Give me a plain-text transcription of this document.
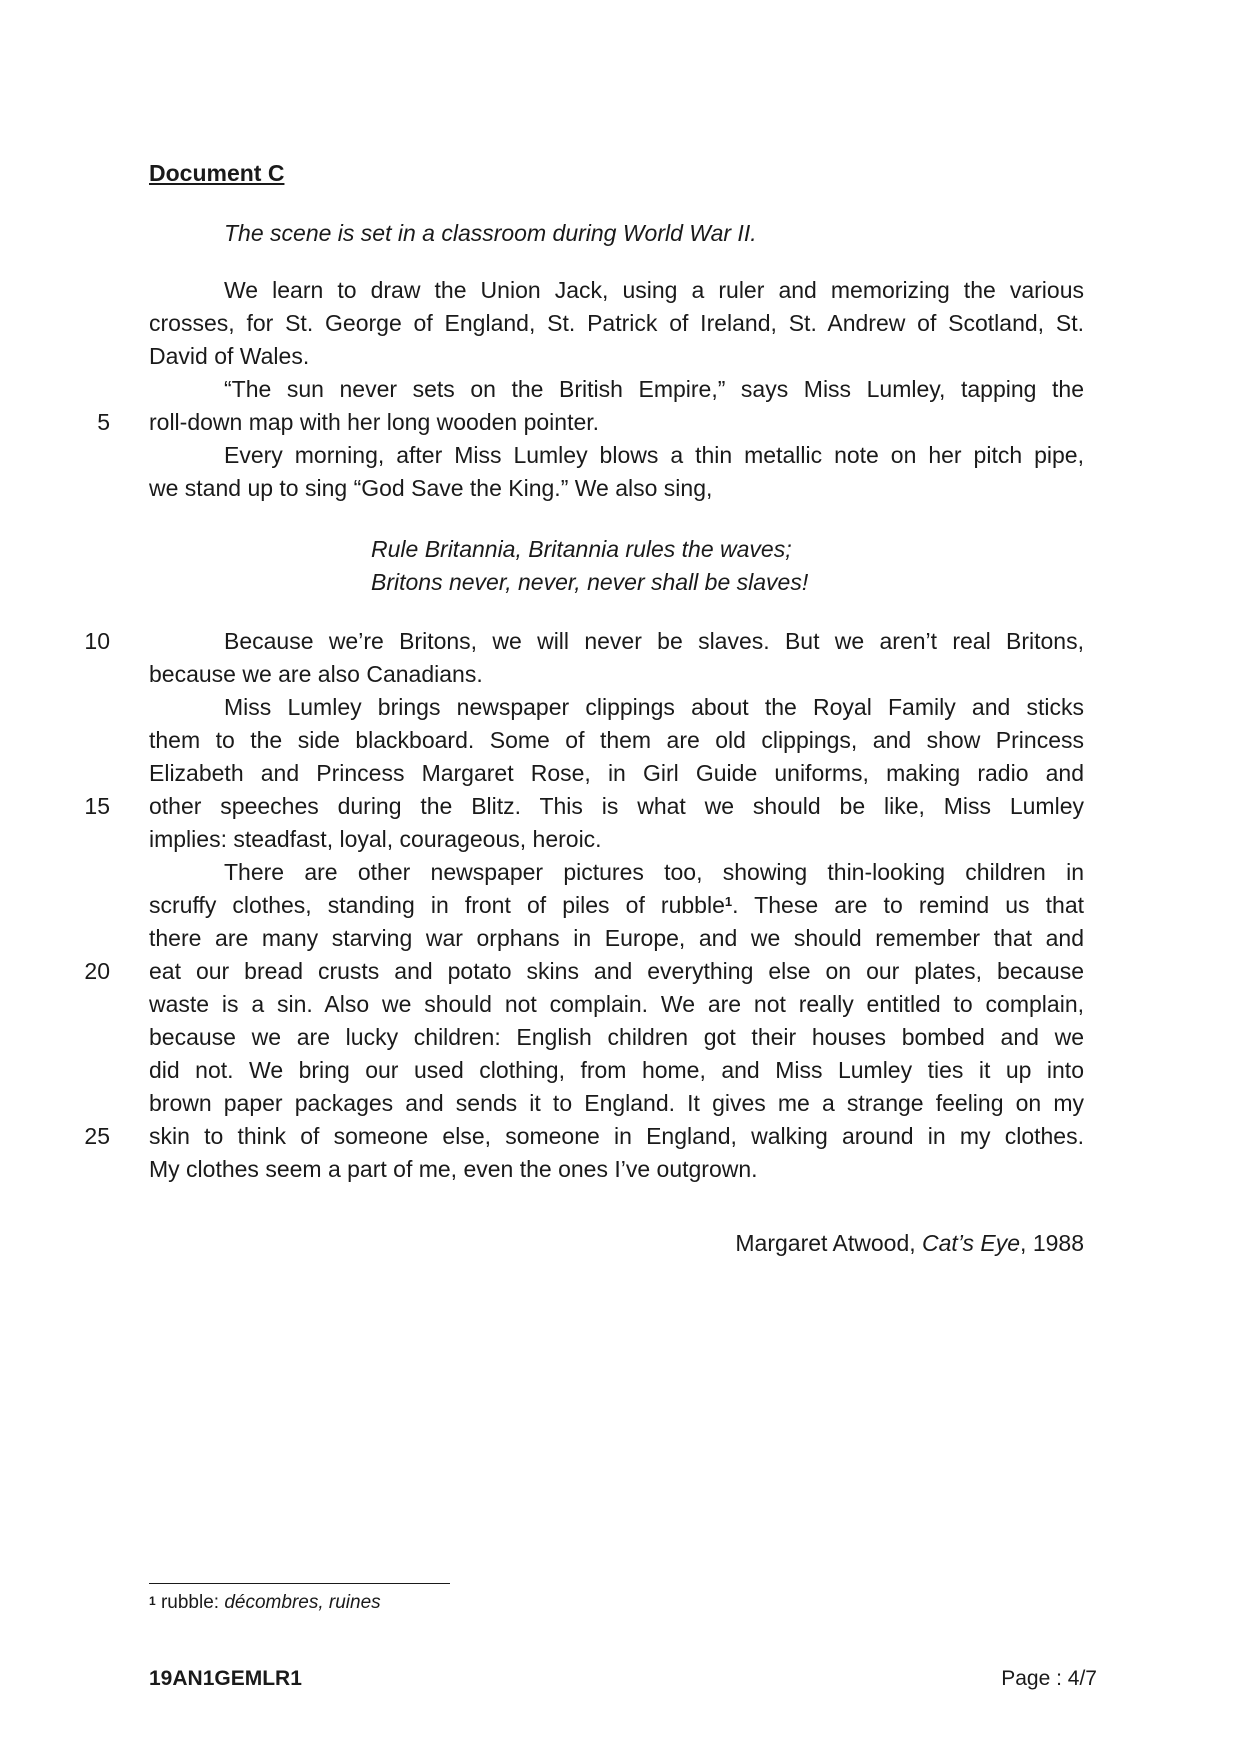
Document C
The scene is set in a classroom during World War II.
We learn to draw the Union Jack, using a ruler and memorizing the various
crosses, for St. George of England, St. Patrick of Ireland, St. Andrew of Scotland, St.
David of Wales.
“The sun never sets on the British Empire,” says Miss Lumley, tapping the
roll-down map with her long wooden pointer.
Every morning, after Miss Lumley blows a thin metallic note on her pitch pipe,
we stand up to sing “God Save the King.” We also sing,
Rule Britannia, Britannia rules the waves;
Britons never, never, never shall be slaves!
Because we’re Britons, we will never be slaves. But we aren’t real Britons,
because we are also Canadians.
Miss Lumley brings newspaper clippings about the Royal Family and sticks
them to the side blackboard. Some of them are old clippings, and show Princess
Elizabeth and Princess Margaret Rose, in Girl Guide uniforms, making radio and
other speeches during the Blitz. This is what we should be like, Miss Lumley
implies: steadfast, loyal, courageous, heroic.
There are other newspaper pictures too, showing thin-looking children in
scruffy clothes, standing in front of piles of rubble$^1$. These are to remind us that
there are many starving war orphans in Europe, and we should remember that and
eat our bread crusts and potato skins and everything else on our plates, because
waste is a sin. Also we should not complain. We are not really entitled to complain,
because we are lucky children: English children got their houses bombed and we
did not. We bring our used clothing, from home, and Miss Lumley ties it up into
brown paper packages and sends it to England. It gives me a strange feeling on my
skin to think of someone else, someone in England, walking around in my clothes.
My clothes seem a part of me, even the ones I’ve outgrown.
5
10
15
20
25
Margaret Atwood, Cat’s Eye, 1988
$^1$ rubble: décombres, ruines
19AN1GEMLR1	Page : 4/7
